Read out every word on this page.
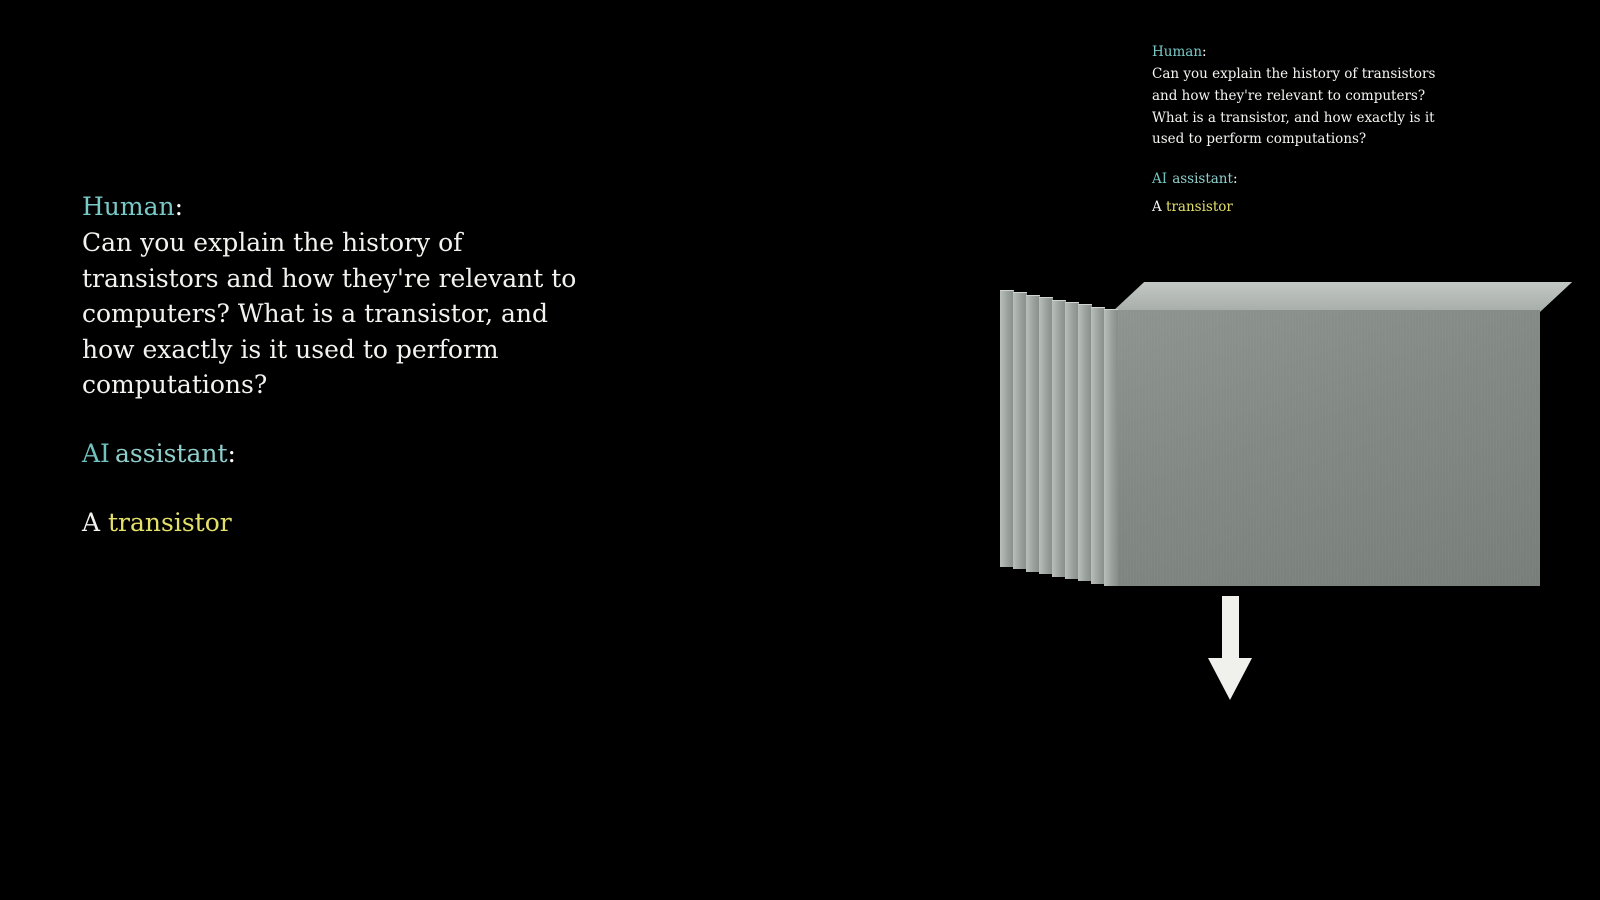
Human:

Can you explain the history of transistors and how they're relevant to computers? What is a transistor, and how exactly is it used to perform computations?

AI assistant:

A transistor

Human:

Can you explain the history of transistors and how they're relevant to computers? What is a transistor, and how exactly is it used to perform computations?

AI assistant:

A transistor
